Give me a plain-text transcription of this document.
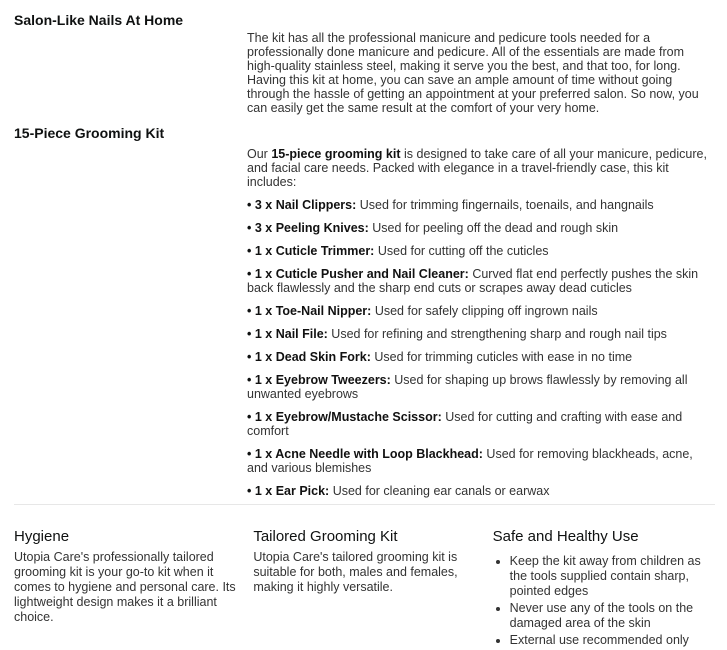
Salon-Like Nails At Home

The kit has all the professional manicure and pedicure tools needed for a professionally done manicure and pedicure. All of the essentials are made from high-quality stainless steel, making it serve you the best, and that too, for long. Having this kit at home, you can save an ample amount of time without going through the hassle of getting an appointment at your preferred salon. So now, you can easily get the same result at the comfort of your very home.

15-Piece Grooming Kit

Our 15-piece grooming kit is designed to take care of all your manicure, pedicure, and facial care needs. Packed with elegance in a travel-friendly case, this kit includes:

• 3 x Nail Clippers: Used for trimming fingernails, toenails, and hangnails

• 3 x Peeling Knives: Used for peeling off the dead and rough skin

• 1 x Cuticle Trimmer: Used for cutting off the cuticles

• 1 x Cuticle Pusher and Nail Cleaner: Curved flat end perfectly pushes the skin back flawlessly and the sharp end cuts or scrapes away dead cuticles

• 1 x Toe-Nail Nipper: Used for safely clipping off ingrown nails

• 1 x Nail File: Used for refining and strengthening sharp and rough nail tips

• 1 x Dead Skin Fork: Used for trimming cuticles with ease in no time

• 1 x Eyebrow Tweezers: Used for shaping up brows flawlessly by removing all unwanted eyebrows

• 1 x Eyebrow/Mustache Scissor: Used for cutting and crafting with ease and comfort

• 1 x Acne Needle with Loop Blackhead: Used for removing blackheads, acne, and various blemishes

• 1 x Ear Pick: Used for cleaning ear canals or earwax

Hygiene

Utopia Care's professionally tailored grooming kit is your go-to kit when it comes to hygiene and personal care. Its lightweight design makes it a brilliant choice.

Tailored Grooming Kit

Utopia Care's tailored grooming kit is suitable for both, males and females, making it highly versatile.

Safe and Healthy Use
• Keep the kit away from children as the tools supplied contain sharp, pointed edges
• Never use any of the tools on the damaged area of the skin
• External use recommended only
